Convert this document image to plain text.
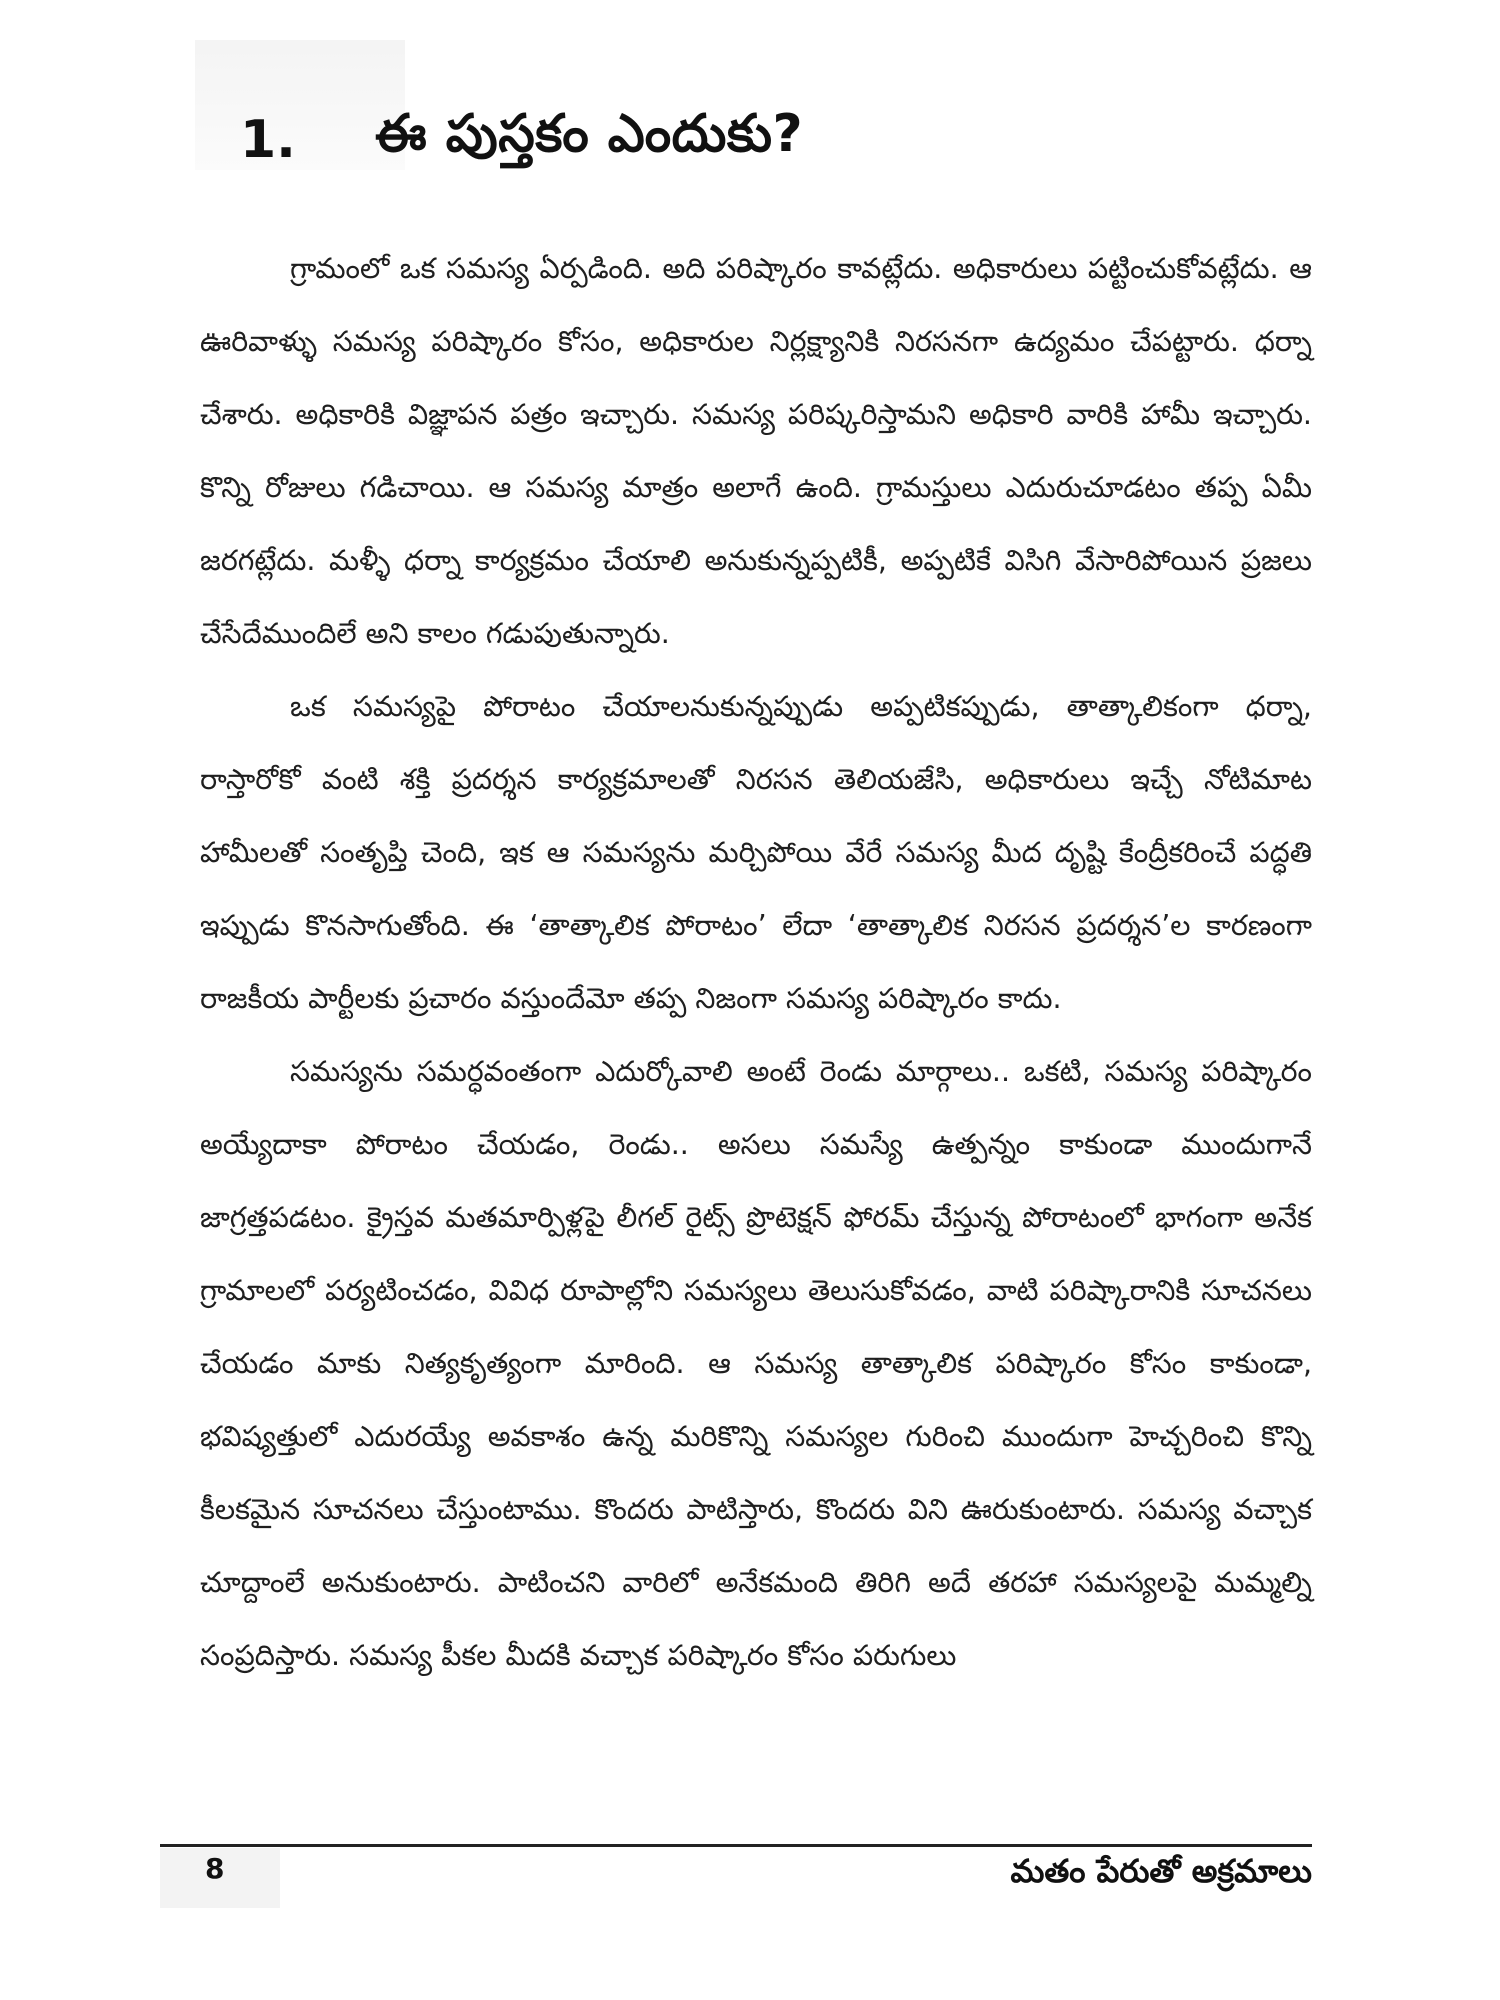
1.	ఈ పుస్తకం ఎందుకు?

గ్రామంలో ఒక సమస్య ఏర్పడింది. అది పరిష్కారం కావట్లేదు. అధికారులు పట్టించుకోవట్లేదు. ఆ ఊరివాళ్ళు సమస్య పరిష్కారం కోసం, అధికారుల నిర్లక్ష్యానికి నిరసనగా ఉద్యమం చేపట్టారు. ధర్నా చేశారు. అధికారికి విజ్ఞాపన పత్రం ఇచ్చారు. సమస్య పరిష్కరిస్తామని అధికారి వారికి హామీ ఇచ్చారు. కొన్ని రోజులు గడిచాయి. ఆ సమస్య మాత్రం అలాగే ఉంది. గ్రామస్తులు ఎదురుచూడటం తప్ప ఏమీ జరగట్లేదు. మళ్ళీ ధర్నా కార్యక్రమం చేయాలి అనుకున్నప్పటికీ, అప్పటికే విసిగి వేసారిపోయిన ప్రజలు చేసేదేముందిలే అని కాలం గడుపుతున్నారు.

ఒక సమస్యపై పోరాటం చేయాలనుకున్నప్పుడు అప్పటికప్పుడు, తాత్కాలికంగా ధర్నా, రాస్తారోకో వంటి శక్తి ప్రదర్శన కార్యక్రమాలతో నిరసన తెలియజేసి, అధికారులు ఇచ్చే నోటిమాట హామీలతో సంతృప్తి చెంది, ఇక ఆ సమస్యను మర్చిపోయి వేరే సమస్య మీద దృష్టి కేంద్రీకరించే పద్ధతి ఇప్పుడు కొనసాగుతోంది. ఈ ‘తాత్కాలిక పోరాటం’ లేదా ‘తాత్కాలిక నిరసన ప్రదర్శన’ల కారణంగా రాజకీయ పార్టీలకు ప్రచారం వస్తుందేమో తప్ప నిజంగా సమస్య పరిష్కారం కాదు.

సమస్యను సమర్ధవంతంగా ఎదుర్కోవాలి అంటే రెండు మార్గాలు.. ఒకటి, సమస్య పరిష్కారం అయ్యేదాకా పోరాటం చేయడం, రెండు.. అసలు సమస్యే ఉత్పన్నం కాకుండా ముందుగానే జాగ్రత్తపడటం. క్రైస్తవ మతమార్పిళ్లపై లీగల్ రైట్స్ ప్రొటెక్షన్ ఫోరమ్ చేస్తున్న పోరాటంలో భాగంగా అనేక గ్రామాలలో పర్యటించడం, వివిధ రూపాల్లోని సమస్యలు తెలుసుకోవడం, వాటి పరిష్కారానికి సూచనలు చేయడం మాకు నిత్యకృత్యంగా మారింది. ఆ సమస్య తాత్కాలిక పరిష్కారం కోసం కాకుండా, భవిష్యత్తులో ఎదురయ్యే అవకాశం ఉన్న మరికొన్ని సమస్యల గురించి ముందుగా హెచ్చరించి కొన్ని కీలకమైన సూచనలు చేస్తుంటాము. కొందరు పాటిస్తారు, కొందరు విని ఊరుకుంటారు. సమస్య వచ్చాక చూద్దాంలే అనుకుంటారు. పాటించని వారిలో అనేకమంది తిరిగి అదే తరహా సమస్యలపై మమ్మల్ని సంప్రదిస్తారు. సమస్య పీకల మీదకి వచ్చాక పరిష్కారం కోసం పరుగులు

8	మతం పేరుతో అక్రమాలు
